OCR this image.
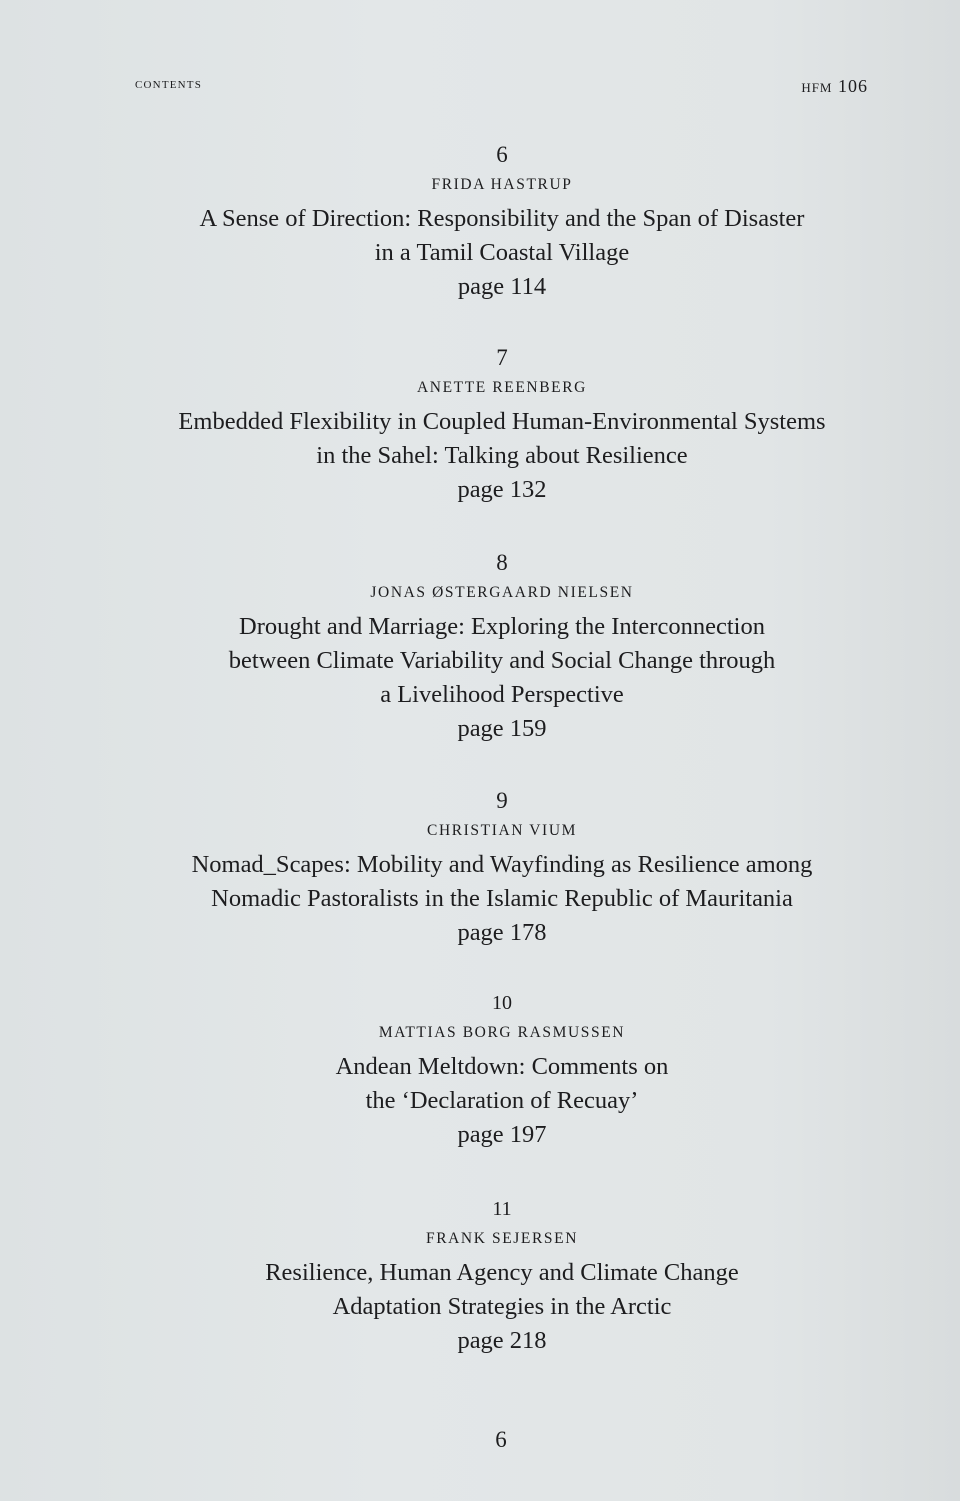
contents	hfm 106
6
FRIDA HASTRUP
A Sense of Direction: Responsibility and the Span of Disaster
in a Tamil Coastal Village
page 114
7
ANETTE REENBERG
Embedded Flexibility in Coupled Human-Environmental Systems
in the Sahel: Talking about Resilience
page 132
8
JONAS ØSTERGAARD NIELSEN
Drought and Marriage: Exploring the Interconnection
between Climate Variability and Social Change through
a Livelihood Perspective
page 159
9
CHRISTIAN VIUM
Nomad_Scapes: Mobility and Wayfinding as Resilience among
Nomadic Pastoralists in the Islamic Republic of Mauritania
page 178
10
MATTIAS BORG RASMUSSEN
Andean Meltdown: Comments on
the ‘Declaration of Recuay’
page 197
11
FRANK SEJERSEN
Resilience, Human Agency and Climate Change
Adaptation Strategies in the Arctic
page 218
6
